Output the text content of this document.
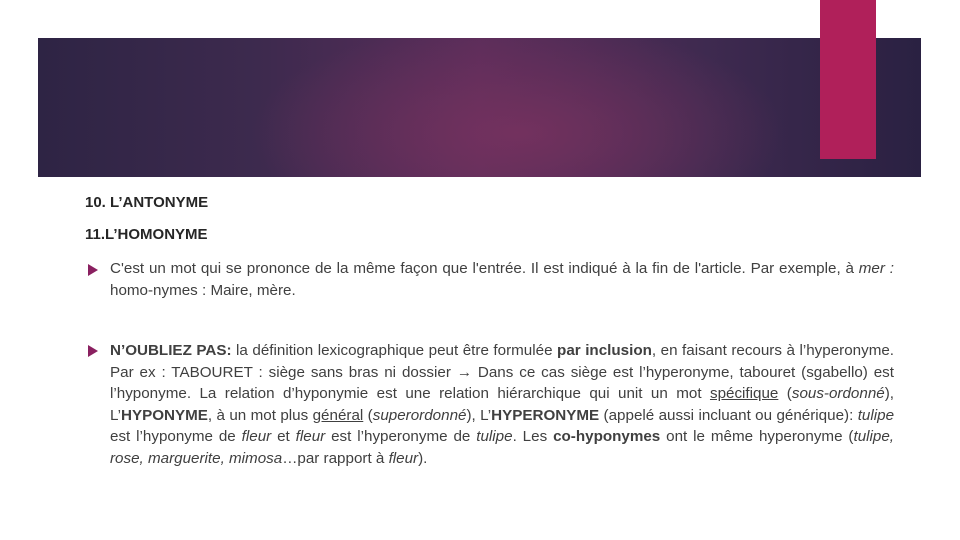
10. L’ANTONYME
11.L’HOMONYME
C'est un mot qui se prononce de la même façon que l'entrée. Il est indiqué à la fin de l'article. Par exemple, à mer : homo-nymes : Maire, mère.
N’OUBLIEZ PAS: la définition lexicographique peut être formulée par inclusion, en faisant recours à l’hyperonyme. Par ex : TABOURET : siège sans bras ni dossier → Dans ce cas siège est l’hyperonyme, tabouret (sgabello) est l’hyponyme. La relation d’hyponymie est une relation hiérarchique qui unit un mot spécifique (sous-ordonné), L’HYPONYME, à un mot plus général (superordonné), L’HYPERONYME (appelé aussi incluant ou générique): tulipe est l’hyponyme de fleur et fleur est l’hyperonyme de tulipe. Les co-hyponymes ont le même hyperonyme (tulipe, rose, marguerite, mimosa…par rapport à fleur).
